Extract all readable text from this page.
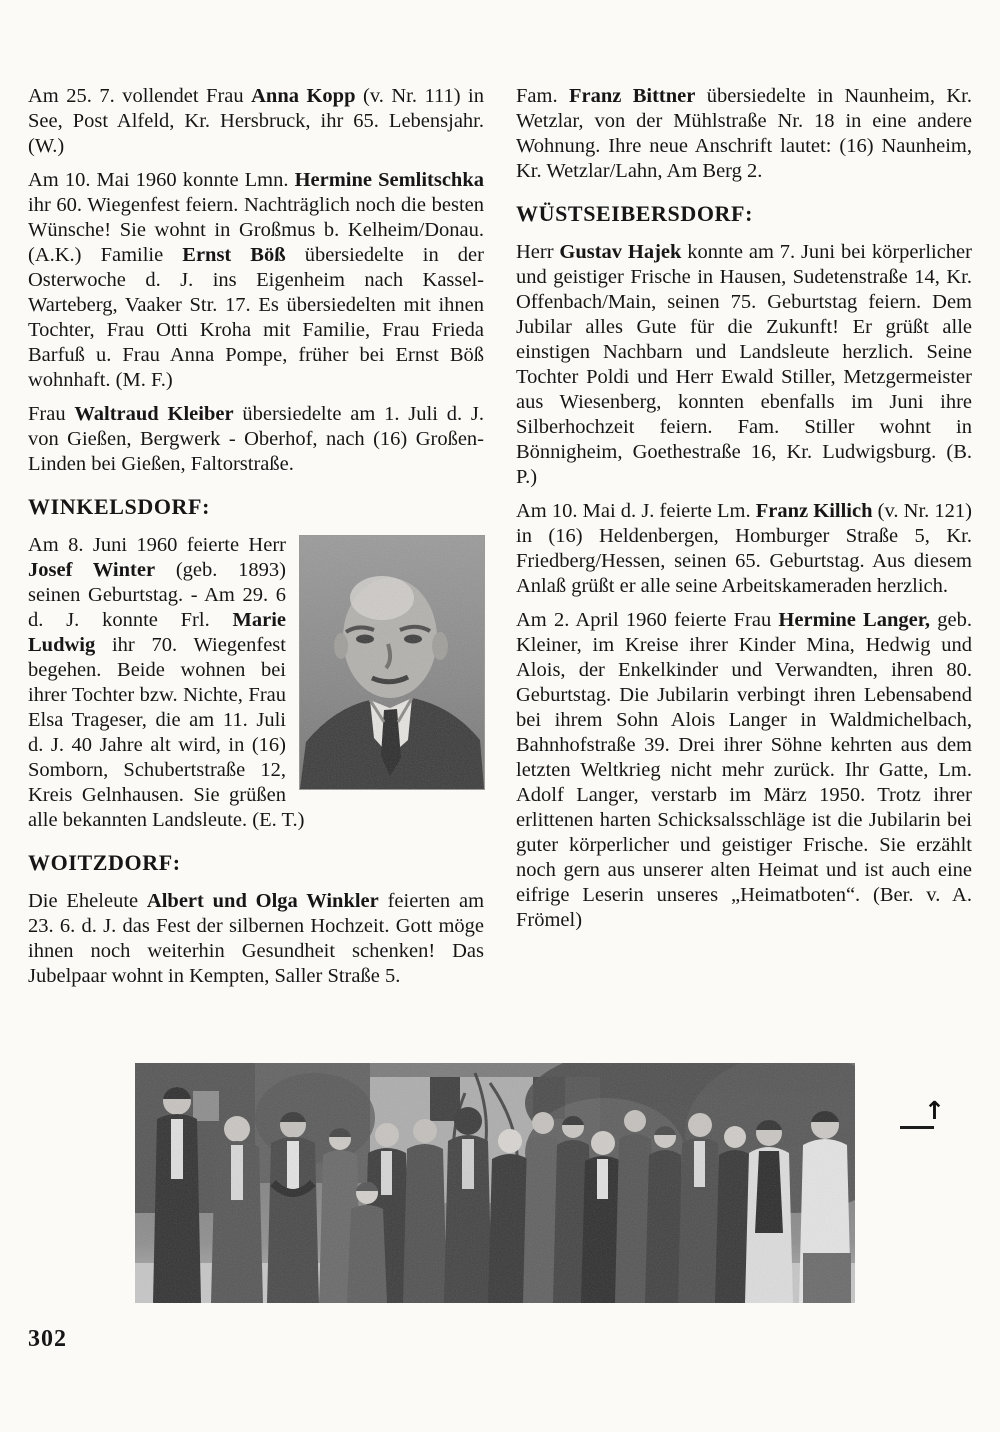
Am 25. 7. vollendet Frau Anna Kopp (v. Nr. 111) in See, Post Alfeld, Kr. Hersbruck, ihr 65. Lebensjahr. (W.)

Am 10. Mai 1960 konnte Lmn. Hermine Semlitschka ihr 60. Wiegenfest feiern. Nachträglich noch die besten Wünsche! Sie wohnt in Großmus b. Kelheim/Donau. (A.K.) Familie Ernst Böß übersiedelte in der Osterwoche d. J. ins Eigenheim nach Kassel-Warteberg, Vaaker Str. 17. Es übersiedelten mit ihnen Tochter, Frau Otti Kroha mit Familie, Frau Frieda Barfuß u. Frau Anna Pompe, früher bei Ernst Böß wohnhaft. (M. F.)

Frau Waltraud Kleiber übersiedelte am 1. Juli d. J. von Gießen, Bergwerk - Oberhof, nach (16) Großen-Linden bei Gießen, Faltorstraße.

WINKELSDORF:

Am 8. Juni 1960 feierte Herr Josef Winter (geb. 1893) seinen Geburtstag. - Am 29. 6 d. J. konnte Frl. Marie Ludwig ihr 70. Wiegenfest begehen. Beide wohnen bei ihrer Tochter bzw. Nichte, Frau Elsa Trageser, die am 11. Juli d. J. 40 Jahre alt wird, in (16) Somborn, Schubertstraße 12, Kreis Gelnhausen. Sie grüßen alle bekannten Landsleute. (E. T.)

WOITZDORF:

Die Eheleute Albert und Olga Winkler feierten am 23. 6. d. J. das Fest der silbernen Hochzeit. Gott möge ihnen noch weiterhin Gesundheit schenken! Das Jubelpaar wohnt in Kempten, Saller Straße 5.

Fam. Franz Bittner übersiedelte in Naunheim, Kr. Wetzlar, von der Mühlstraße Nr. 18 in eine andere Wohnung. Ihre neue Anschrift lautet: (16) Naunheim, Kr. Wetzlar/Lahn, Am Berg 2.

WÜSTSEIBERSDORF:

Herr Gustav Hajek konnte am 7. Juni bei körperlicher und geistiger Frische in Hausen, Sudetenstraße 14, Kr. Offenbach/Main, seinen 75. Geburtstag feiern. Dem Jubilar alles Gute für die Zukunft! Er grüßt alle einstigen Nachbarn und Landsleute herzlich. Seine Tochter Poldi und Herr Ewald Stiller, Metzgermeister aus Wiesenberg, konnten ebenfalls im Juni ihre Silberhochzeit feiern. Fam. Stiller wohnt in Bönnigheim, Goethestraße 16, Kr. Ludwigsburg. (B. P.)

Am 10. Mai d. J. feierte Lm. Franz Killich (v. Nr. 121) in (16) Heldenbergen, Homburger Straße 5, Kr. Friedberg/Hessen, seinen 65. Geburtstag. Aus diesem Anlaß grüßt er alle seine Arbeitskameraden herzlich.

Am 2. April 1960 feierte Frau Hermine Langer, geb. Kleiner, im Kreise ihrer Kinder Mina, Hedwig und Alois, der Enkelkinder und Verwandten, ihren 80. Geburtstag. Die Jubilarin verbingt ihren Lebensabend bei ihrem Sohn Alois Langer in Waldmichelbach, Bahnhofstraße 39. Drei ihrer Söhne kehrten aus dem letzten Weltkrieg nicht mehr zurück. Ihr Gatte, Lm. Adolf Langer, verstarb im März 1950. Trotz ihrer erlittenen harten Schicksalsschläge ist die Jubilarin bei guter körperlicher und geistiger Frische. Sie erzählt noch gern aus unserer alten Heimat und ist auch eine eifrige Leserin unseres „Heimatboten“. (Ber. v. A. Frömel)

↑
302
